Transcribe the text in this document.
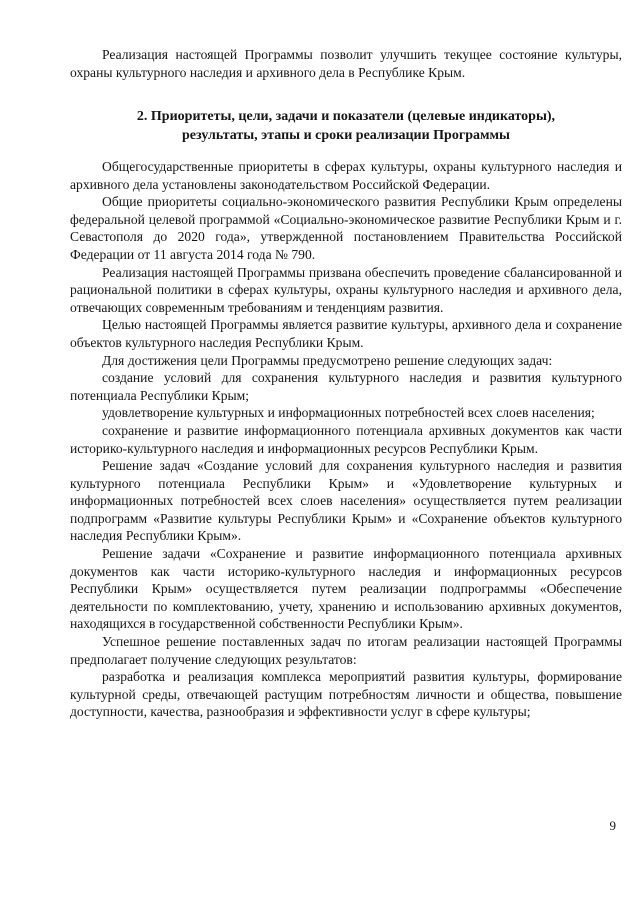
Реализация настоящей Программы позволит улучшить текущее состояние культуры, охраны культурного наследия и архивного дела в Республике Крым.

2. Приоритеты, цели, задачи и показатели (целевые индикаторы),
результаты, этапы и сроки реализации Программы

Общегосударственные приоритеты в сферах культуры, охраны культурного наследия и архивного дела установлены законодательством Российской Федерации.

Общие приоритеты социально-экономического развития Республики Крым определены федеральной целевой программой «Социально-экономическое развитие Республики Крым и г. Севастополя до 2020 года», утвержденной постановлением Правительства Российской Федерации от 11 августа 2014 года № 790.

Реализация настоящей Программы призвана обеспечить проведение сбалансированной и рациональной политики в сферах культуры, охраны культурного наследия и архивного дела, отвечающих современным требованиям и тенденциям развития.

Целью настоящей Программы является развитие культуры, архивного дела и сохранение объектов культурного наследия Республики Крым.

Для достижения цели Программы предусмотрено решение следующих задач:

создание условий для сохранения культурного наследия и развития культурного потенциала Республики Крым;

удовлетворение культурных и информационных потребностей всех слоев населения;

сохранение и развитие информационного потенциала архивных документов как части историко-культурного наследия и информационных ресурсов Республики Крым.

Решение задач «Создание условий для сохранения культурного наследия и развития культурного потенциала Республики Крым» и «Удовлетворение культурных и информационных потребностей всех слоев населения» осуществляется путем реализации подпрограмм «Развитие культуры Республики Крым» и «Сохранение объектов культурного наследия Республики Крым».

Решение задачи «Сохранение и развитие информационного потенциала архивных документов как части историко-культурного наследия и информационных ресурсов Республики Крым» осуществляется путем реализации подпрограммы «Обеспечение деятельности по комплектованию, учету, хранению и использованию архивных документов, находящихся в государственной собственности Республики Крым».

Успешное решение поставленных задач по итогам реализации настоящей Программы предполагает получение следующих результатов:

разработка и реализация комплекса мероприятий развития культуры, формирование культурной среды, отвечающей растущим потребностям личности и общества, повышение доступности, качества, разнообразия и эффективности услуг в сфере культуры;

9
